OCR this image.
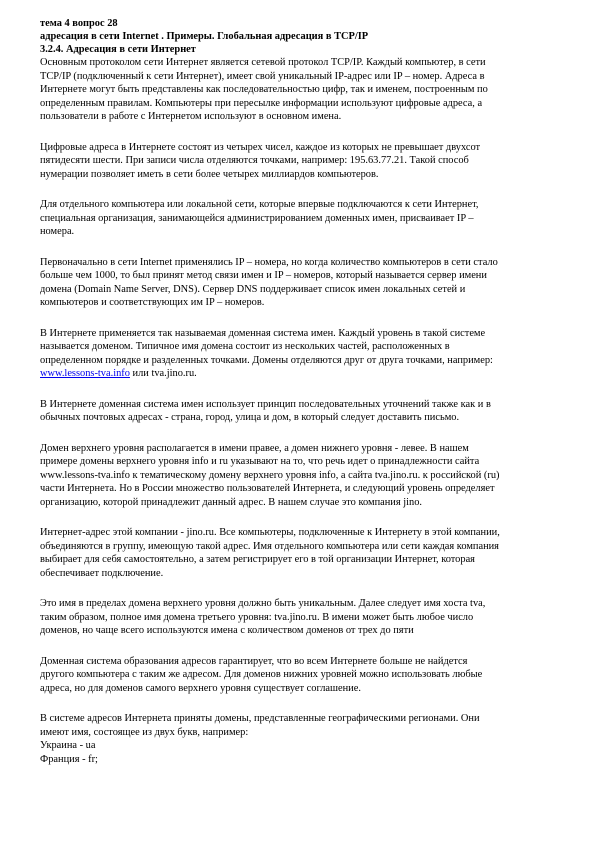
тема 4 вопрос 28
адресация в сети Internet . Примеры. Глобальная адресация в TCP/IP
3.2.4. Адресация в сети Интернет
Основным протоколом сети Интернет является сетевой протокол TCP/IP. Каждый компьютер, в сети
TCP/IP (подключенный к сети Интернет), имеет свой уникальный IP-адрес или IP – номер. Адреса в
Интернете могут быть представлены как последовательностью цифр, так и именем, построенным по
определенным правилам. Компьютеры при пересылке информации используют цифровые адреса, а
пользователи в работе с Интернетом используют в основном имена.
Цифровые адреса в Интернете состоят из четырех чисел, каждое из которых не превышает двухсот
пятидесяти шести. При записи числа отделяются точками, например: 195.63.77.21. Такой способ
нумерации позволяет иметь в сети более четырех миллиардов компьютеров.
Для отдельного компьютера или локальной сети, которые впервые подключаются к сети Интернет,
специальная организация, занимающейся администрированием доменных имен, присваивает IP –
номера.
Первоначально в сети Internet применялись IP – номера, но когда количество компьютеров в сети стало
больше чем 1000, то был принят метод связи имен и IP – номеров, который называется сервер имени
домена (Domain Name Server, DNS). Сервер DNS поддерживает список имен локальных сетей и
компьютеров и соответствующих им IP – номеров.
В Интернете применяется так называемая доменная система имен. Каждый уровень в такой системе
называется доменом. Типичное имя домена состоит из нескольких частей, расположенных в
определенном порядке и разделенных точками. Домены отделяются друг от друга точками, например:
www.lessons-tva.info или tva.jino.ru.
В Интернете доменная система имен использует принцип последовательных уточнений также как и в
обычных почтовых адресах - страна, город, улица и дом, в который следует доставить письмо.
Домен верхнего уровня располагается в имени правее, а домен нижнего уровня - левее. В нашем
примере домены верхнего уровня info и ru указывают на то, что речь идет о принадлежности сайта
www.lessons-tva.info к тематическому домену верхнего уровня info, а сайта tva.jino.ru. к российской (ru)
части Интернета. Но в России множество пользователей Интернета, и следующий уровень определяет
организацию, которой принадлежит данный адрес. В нашем случае это компания jino.
Интернет-адрес этой компании - jino.ru. Все компьютеры, подключенные к Интернету в этой компании,
объединяются в группу, имеющую такой адрес. Имя отдельного компьютера или сети каждая компания
выбирает для себя самостоятельно, а затем регистрирует его в той организации Интернет, которая
обеспечивает подключение.
Это имя в пределах домена верхнего уровня должно быть уникальным. Далее следует имя хоста tva,
таким образом, полное имя домена третьего уровня: tva.jino.ru. В имени может быть любое число
доменов, но чаще всего используются имена с количеством доменов от трех до пяти
Доменная система образования адресов гарантирует, что во всем Интернете больше не найдется
другого компьютера с таким же адресом. Для доменов нижних уровней можно использовать любые
адреса, но для доменов самого верхнего уровня существует соглашение.
В системе адресов Интернета приняты домены, представленные географическими регионами. Они
имеют имя, состоящее из двух букв, например:
Украина - ua
Франция - fr;
